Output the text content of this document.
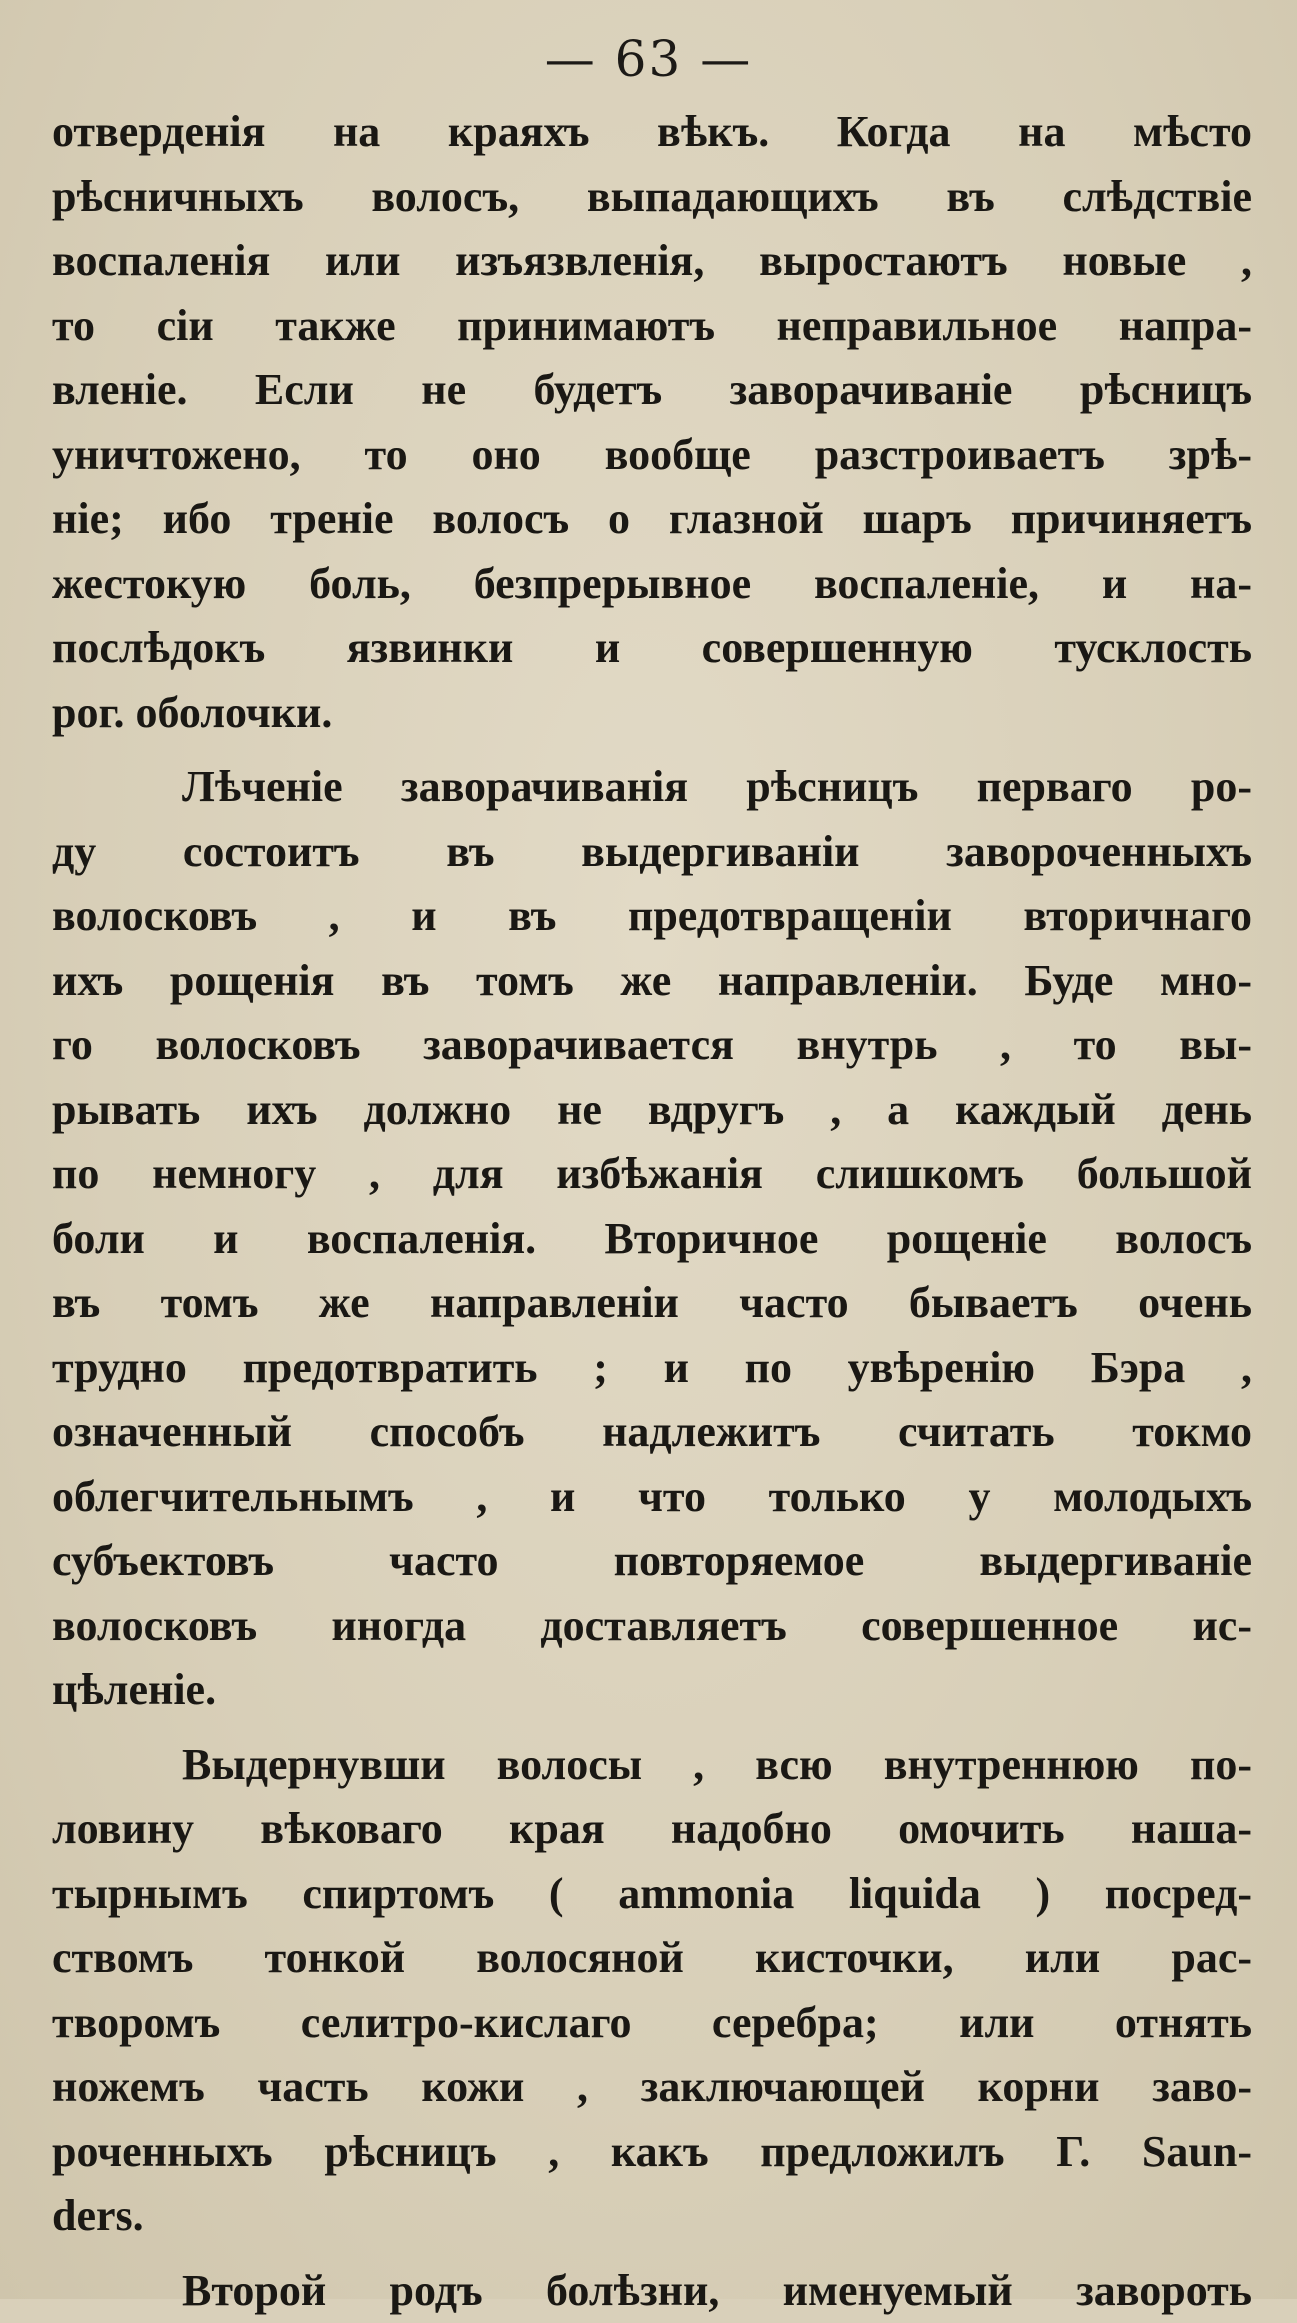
— 63 —
отверденія на краяхъ вѣкъ. Когда на мѣсто
рѣсничныхъ волосъ, выпадающихъ въ слѣдствіе
воспаленія или изъязвленія, выростаютъ новые ,
то сіи также принимаютъ неправильное напра-
вленіе. Если не будетъ заворачиваніе рѣсницъ
уничтожено, то оно вообще разстроиваетъ зрѣ-
ніе; ибо треніе волосъ о глазной шаръ причиняетъ
жестокую боль, безпрерывное воспаленіе, и на-
послѣдокъ язвинки и совершенную тусклость
рог. оболочки.
Лѣченіе заворачиванія рѣсницъ перваго ро-
ду состоитъ въ выдергиваніи завороченныхъ
волосковъ , и въ предотвращеніи вторичнаго
ихъ рощенія въ томъ же направленіи. Буде мно-
го волосковъ заворачивается внутрь , то вы-
рывать ихъ должно не вдругъ , а каждый день
по немногу , для избѣжанія слишкомъ большой
боли и воспаленія. Вторичное рощеніе волосъ
въ томъ же направленіи часто бываетъ очень
трудно предотвратить ; и по увѣренію Бэра ,
означенный способъ надлежитъ считать токмо
облегчительнымъ , и что только у молодыхъ
субъектовъ часто повторяемое выдергиваніе
волосковъ иногда доставляетъ совершенное ис-
цѣленіе.
Выдернувши волосы , всю внутреннюю по-
ловину вѣковаго края надобно омочить наша-
тырнымъ спиртомъ ( ammonia liquida ) посред-
ствомъ тонкой волосяной кисточки, или рас-
творомъ селитро-кислаго серебра; или отнять
ножемъ часть кожи , заключающей корни заво-
роченныхъ рѣсницъ , какъ предложилъ Г. Saun-
ders.
Второй родъ болѣзни, именуемый завороть
